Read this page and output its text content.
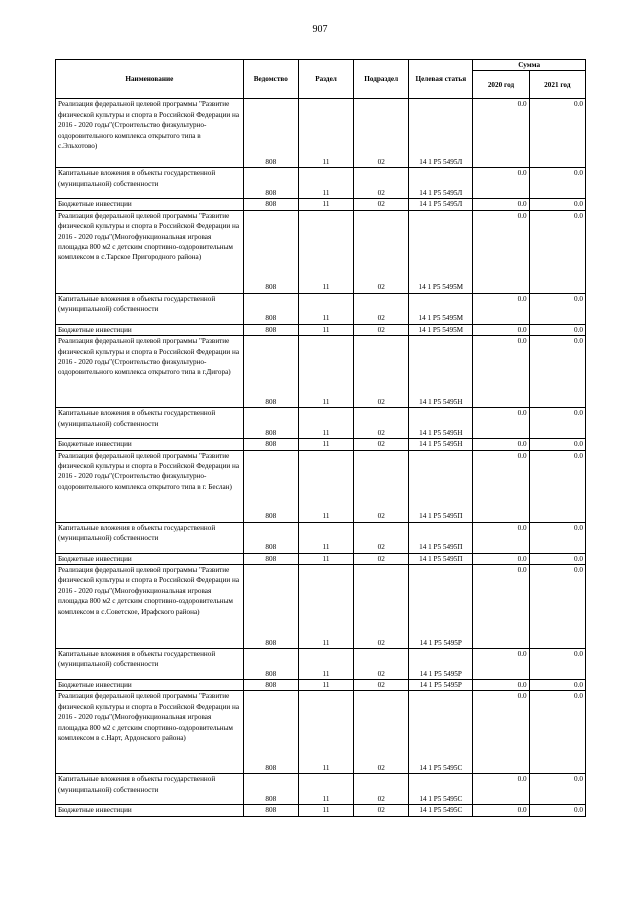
907
Наименование	Ведомство	Раздел	Подраздел	Целевая статья	Сумма	
					2020 год	2021 год
Реализация федеральной целевой программы "Развитие физической культуры и спорта в Российской Федерации на 2016 - 2020 годы"(Строительство физкультурно-оздоровительного комплекса открытого типа в с.Эльхотово)	808	11	02	14 1 P5 5495Л	0.0	0.0
Капитальные вложения в объекты государственной (муниципальной) собственности	808	11	02	14 1 P5 5495Л	0.0	0.0
Бюджетные инвестиции	808	11	02	14 1 P5 5495Л	0.0	0.0
Реализация федеральной целевой программы "Развитие физической культуры и спорта в Российской Федерации на 2016 - 2020 годы"(Многофункциональная игровая площадка 800 м2 с детским спортивно-оздоровительным комплексом в с.Тарское Пригородного района)	808	11	02	14 1 P5 5495М	0.0	0.0
Капитальные вложения в объекты государственной (муниципальной) собственности	808	11	02	14 1 P5 5495М	0.0	0.0
Бюджетные инвестиции	808	11	02	14 1 P5 5495М	0.0	0.0
Реализация федеральной целевой программы "Развитие физической культуры и спорта в Российской Федерации на 2016 - 2020 годы"(Строительство физкультурно-оздоровительного комплекса открытого типа в г.Дигора)	808	11	02	14 1 P5 5495Н	0.0	0.0
Капитальные вложения в объекты государственной (муниципальной) собственности	808	11	02	14 1 P5 5495Н	0.0	0.0
Бюджетные инвестиции	808	11	02	14 1 P5 5495Н	0.0	0.0
Реализация федеральной целевой программы "Развитие физической культуры и спорта в Российской Федерации на 2016 - 2020 годы"(Строительство физкультурно-оздоровительного комплекса открытого типа в г. Беслан)	808	11	02	14 1 P5 5495П	0.0	0.0
Капитальные вложения в объекты государственной (муниципальной) собственности	808	11	02	14 1 P5 5495П	0.0	0.0
Бюджетные инвестиции	808	11	02	14 1 P5 5495П	0.0	0.0
Реализация федеральной целевой программы "Развитие физической культуры и спорта в Российской Федерации на 2016 - 2020 годы"(Многофункциональная игровая площадка 800 м2 с детским спортивно-оздоровительным комплексом в с.Советское, Ирафского района)	808	11	02	14 1 P5 5495Р	0.0	0.0
Капитальные вложения в объекты государственной (муниципальной) собственности	808	11	02	14 1 P5 5495Р	0.0	0.0
Бюджетные инвестиции	808	11	02	14 1 P5 5495Р	0.0	0.0
Реализация федеральной целевой программы "Развитие физической культуры и спорта в Российской Федерации на 2016 - 2020 годы"(Многофункциональная игровая площадка 800 м2 с детским спортивно-оздоровительным комплексом в с.Нарт, Ардонского района)	808	11	02	14 1 P5 5495С	0.0	0.0
Капитальные вложения в объекты государственной (муниципальной) собственности	808	11	02	14 1 P5 5495С	0.0	0.0
Бюджетные инвестиции	808	11	02	14 1 P5 5495С	0.0	0.0
